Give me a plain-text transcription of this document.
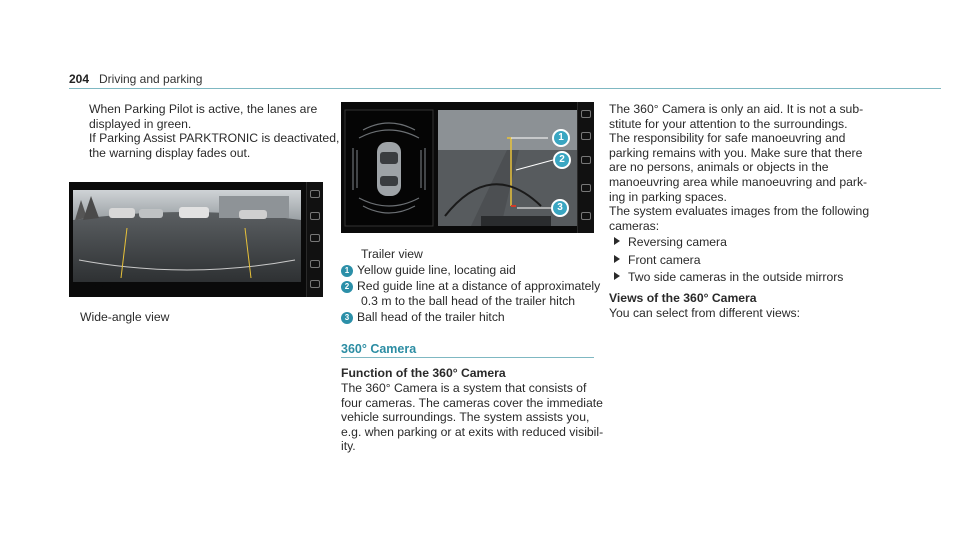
204 Driving and parking
When Parking Pilot is active, the lanes are
displayed in green.
If Parking Assist PARKTRONIC is deactivated,
the warning display fades out.
Wide-angle view
1
2
3
Trailer view
1 Yellow guide line, locating aid
2 Red guide line at a distance of approximately
0.3 m to the ball head of the trailer hitch
3 Ball head of the trailer hitch
360° Camera
Function of the 360° Camera
The 360° Camera is a system that consists of
four cameras. The cameras cover the immediate
vehicle surroundings. The system assists you,
e.g. when parking or at exits with reduced visibil-
ity.
The 360° Camera is only an aid. It is not a sub-
stitute for your attention to the surroundings.
The responsibility for safe manoeuvring and
parking remains with you. Make sure that there
are no persons, animals or objects in the
manoeuvring area while manoeuvring and park-
ing in parking spaces.
The system evaluates images from the following
cameras:
Reversing camera
Front camera
Two side cameras in the outside mirrors
Views of the 360° Camera
You can select from different views:
